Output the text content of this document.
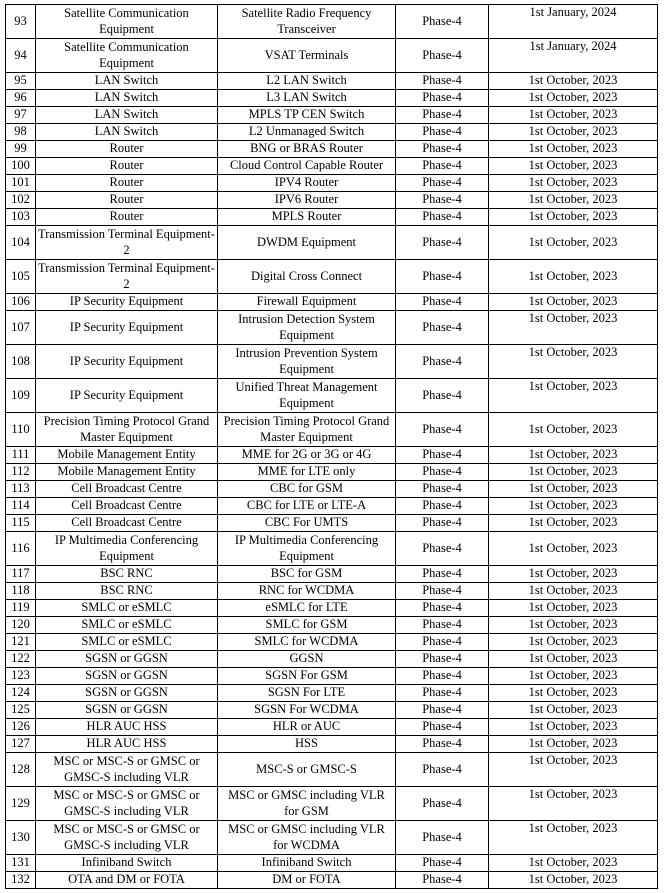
93	Satellite Communication Equipment	Satellite Radio Frequency Transceiver	Phase-4	1st January, 2024
94	Satellite Communication Equipment	VSAT Terminals	Phase-4	1st January, 2024
95	LAN Switch	L2 LAN Switch	Phase-4	1st October, 2023
96	LAN Switch	L3 LAN Switch	Phase-4	1st October, 2023
97	LAN Switch	MPLS TP CEN Switch	Phase-4	1st October, 2023
98	LAN Switch	L2 Unmanaged Switch	Phase-4	1st October, 2023
99	Router	BNG or BRAS Router	Phase-4	1st October, 2023
100	Router	Cloud Control Capable Router	Phase-4	1st October, 2023
101	Router	IPV4 Router	Phase-4	1st October, 2023
102	Router	IPV6 Router	Phase-4	1st October, 2023
103	Router	MPLS Router	Phase-4	1st October, 2023
104	Transmission Terminal Equipment-2	DWDM Equipment	Phase-4	1st October, 2023
105	Transmission Terminal Equipment-2	Digital Cross Connect	Phase-4	1st October, 2023
106	IP Security Equipment	Firewall Equipment	Phase-4	1st October, 2023
107	IP Security Equipment	Intrusion Detection System Equipment	Phase-4	1st October, 2023
108	IP Security Equipment	Intrusion Prevention System Equipment	Phase-4	1st October, 2023
109	IP Security Equipment	Unified Threat Management Equipment	Phase-4	1st October, 2023
110	Precision Timing Protocol Grand Master Equipment	Precision Timing Protocol Grand Master Equipment	Phase-4	1st October, 2023
111	Mobile Management Entity	MME for 2G or 3G or 4G	Phase-4	1st October, 2023
112	Mobile Management Entity	MME for LTE only	Phase-4	1st October, 2023
113	Cell Broadcast Centre	CBC for GSM	Phase-4	1st October, 2023
114	Cell Broadcast Centre	CBC for LTE or LTE-A	Phase-4	1st October, 2023
115	Cell Broadcast Centre	CBC For UMTS	Phase-4	1st October, 2023
116	IP Multimedia Conferencing Equipment	IP Multimedia Conferencing Equipment	Phase-4	1st October, 2023
117	BSC RNC	BSC for GSM	Phase-4	1st October, 2023
118	BSC RNC	RNC for WCDMA	Phase-4	1st October, 2023
119	SMLC or eSMLC	eSMLC for LTE	Phase-4	1st October, 2023
120	SMLC or eSMLC	SMLC for GSM	Phase-4	1st October, 2023
121	SMLC or eSMLC	SMLC for WCDMA	Phase-4	1st October, 2023
122	SGSN or GGSN	GGSN	Phase-4	1st October, 2023
123	SGSN or GGSN	SGSN For GSM	Phase-4	1st October, 2023
124	SGSN or GGSN	SGSN For LTE	Phase-4	1st October, 2023
125	SGSN or GGSN	SGSN For WCDMA	Phase-4	1st October, 2023
126	HLR AUC HSS	HLR or AUC	Phase-4	1st October, 2023
127	HLR AUC HSS	HSS	Phase-4	1st October, 2023
128	MSC or MSC-S or GMSC or GMSC-S including VLR	MSC-S or GMSC-S	Phase-4	1st October, 2023
129	MSC or MSC-S or GMSC or GMSC-S including VLR	MSC or GMSC including VLR for GSM	Phase-4	1st October, 2023
130	MSC or MSC-S or GMSC or GMSC-S including VLR	MSC or GMSC including VLR for WCDMA	Phase-4	1st October, 2023
131	Infiniband Switch	Infiniband Switch	Phase-4	1st October, 2023
132	OTA and DM or FOTA	DM or FOTA	Phase-4	1st October, 2023
